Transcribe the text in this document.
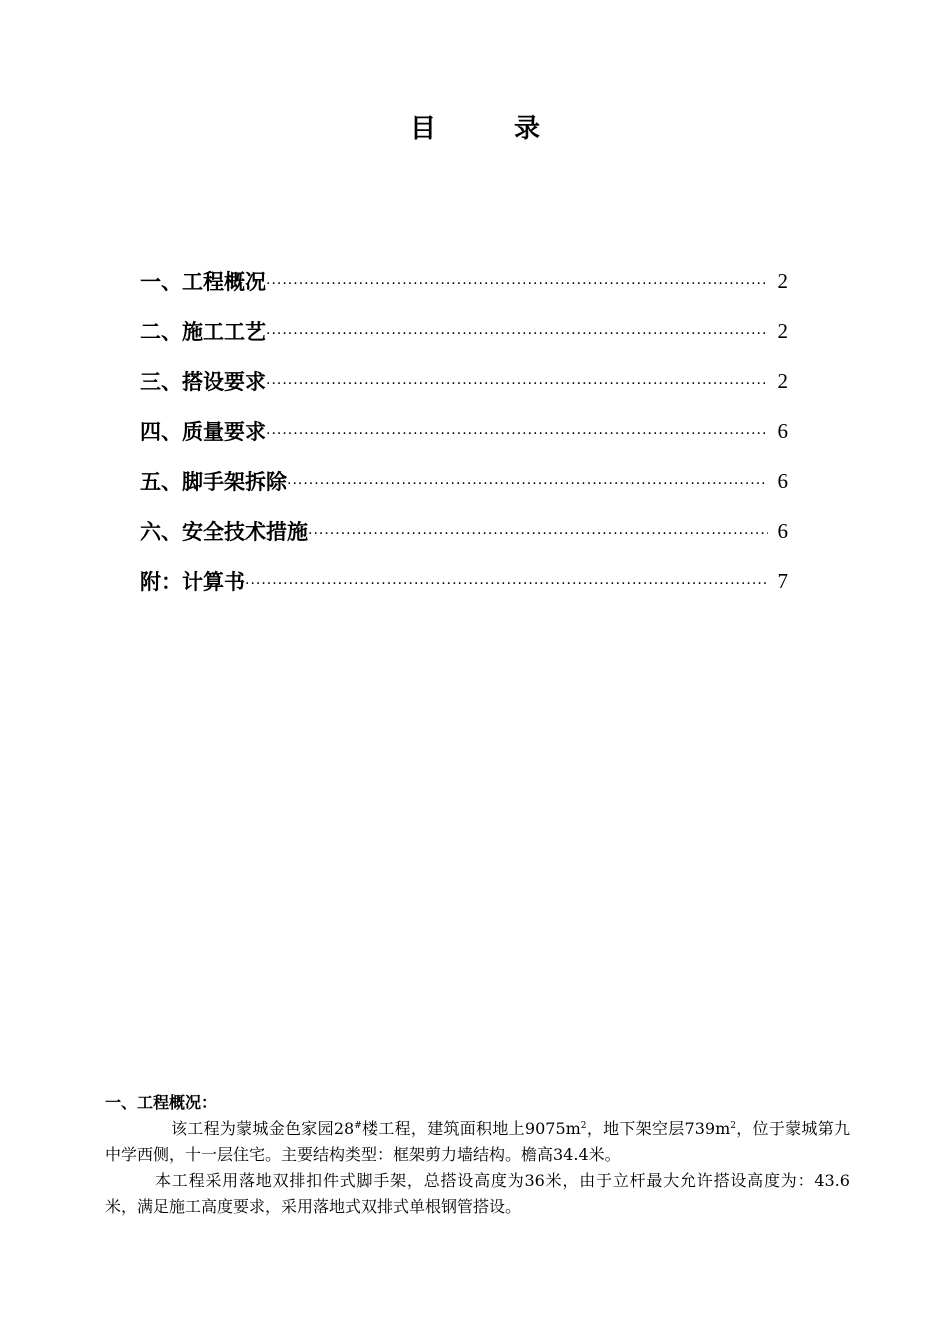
目	录
一、工程概况 ·····	2
二、施工工艺 ·····	2
三、搭设要求 ·····	2
四、质量要求 ·····	6
五、脚手架拆除 ·····	6
六、安全技术措施 ·····	6
附：计算书 ·····	7
一、工程概况：

该工程为蒙城金色家园28#楼工程，建筑面积地上$9075m^2$，地下架空层$739m^2$，位于蒙城第九中学西侧，十一层住宅。主要结构类型：框架剪力墙结构。檐高34.4米。

本工程采用落地双排扣件式脚手架，总搭设高度为36米，由于立杆最大允许搭设高度为：43.6米，满足施工高度要求，采用落地式双排式单根钢管搭设。
